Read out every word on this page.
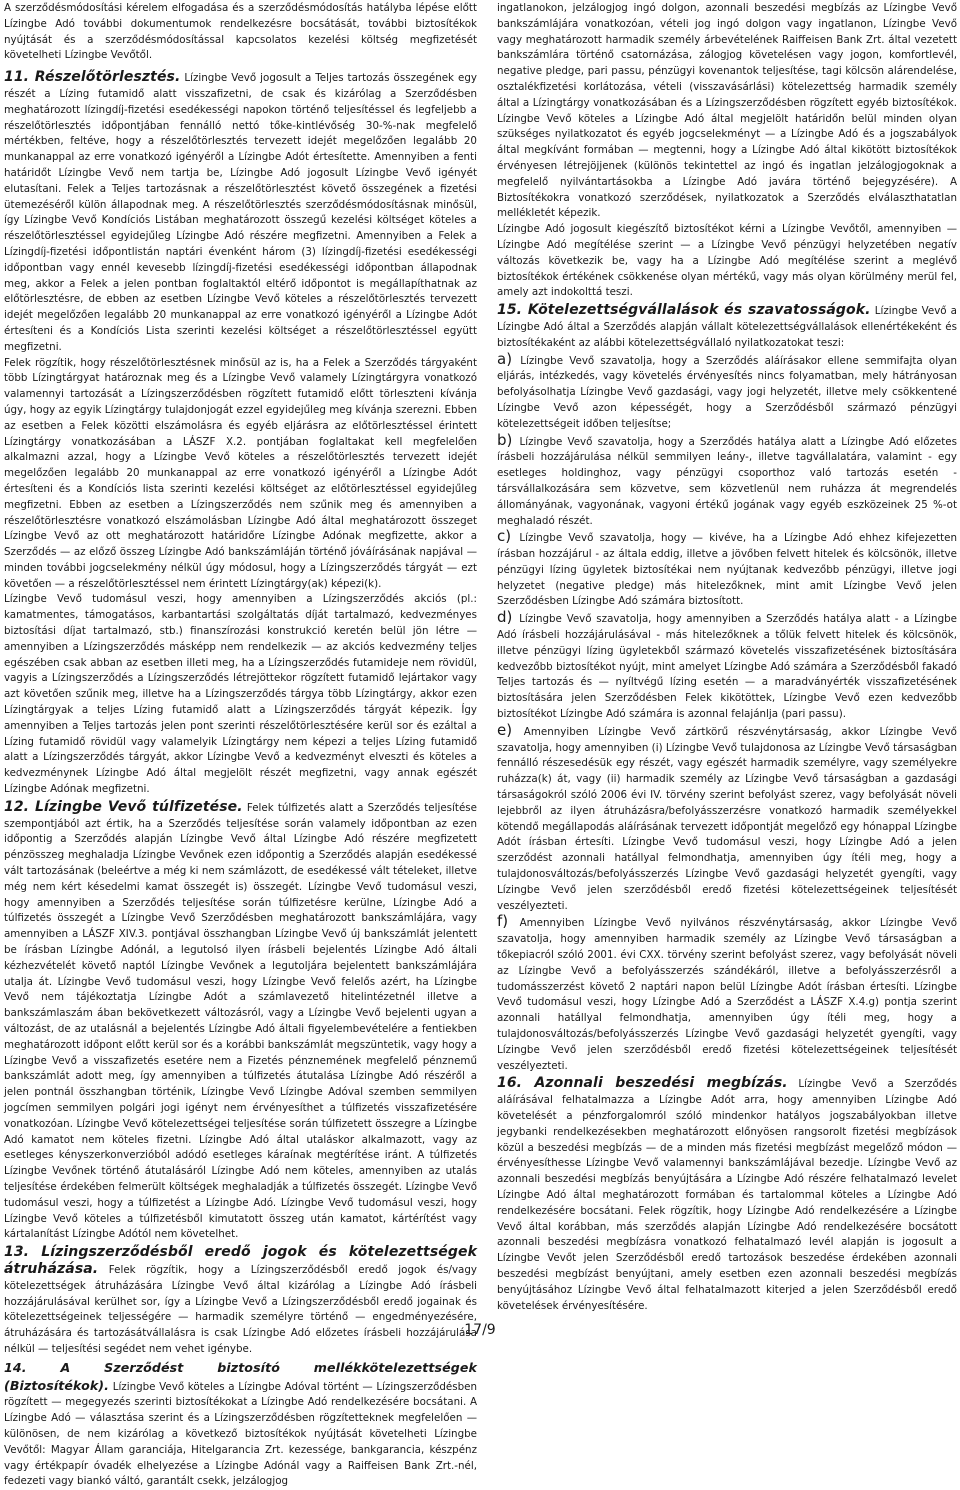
A szerződésmódosítási kérelem elfogadása és a szerződésmódosítás hatályba lépése előtt Lízingbe Adó további dokumentumok rendelkezésre bocsátását, további biztosítékok nyújtását és a szerződésmódosítással kapcsolatos kezelési költség megfizetését követelheti Lízingbe Vevőtől.

11. Részelőtörlesztés. Lízingbe Vevő jogosult a Teljes tartozás összegének egy részét a Lízing futamidő alatt visszafizetni, de csak és kizárólag a Szerződésben meghatározott lízingdíj-fizetési esedékességi napokon történő teljesítéssel és legfeljebb a részelőtörlesztés időpontjában fennálló nettó tőke-kintlévőség 30-%-nak megfelelő mértékben, feltéve, hogy a részelőtörlesztés tervezett idejét megelőzően legalább 20 munkanappal az erre vonatkozó igényéről a Lízingbe Adót értesítette. Amennyiben a fenti határidőt Lízingbe Vevő nem tartja be, Lízingbe Adó jogosult Lízingbe Vevő igényét elutasítani. Felek a Teljes tartozásnak a részelőtörlesztést követő összegének a fizetési ütemezéséről külön állapodnak meg. A részelőtörlesztés szerződésmódosításnak minősül, így Lízingbe Vevő Kondíciós Listában meghatározott összegű kezelési költséget köteles a részelőtörlesztéssel egyidejűleg Lízingbe Adó részére megfizetni. Amennyiben a Felek a Lízingdíj-fizetési időpontlistán naptári évenként három (3) lízingdíj-fizetési esedékességi időpontban vagy ennél kevesebb lízingdíj-fizetési esedékességi időpontban állapodnak meg, akkor a Felek a jelen pontban foglaltaktól eltérő időpontot is megállapíthatnak az előtörlesztésre, de ebben az esetben Lízingbe Vevő köteles a részelőtörlesztés tervezett idejét megelőzően legalább 20 munkanappal az erre vonatkozó igényéről a Lízingbe Adót értesíteni és a Kondíciós Lista szerinti kezelési költséget a részelőtörlesztéssel együtt megfizetni.

Felek rögzítik, hogy részelőtörlesztésnek minősül az is, ha a Felek a Szerződés tárgyaként több Lízingtárgyat határoznak meg és a Lízingbe Vevő valamely Lízingtárgyra vonatkozó valamennyi tartozását a Lízingszerződésben rögzített futamidő előtt törleszteni kívánja úgy, hogy az egyik Lízingtárgy tulajdonjogát ezzel egyidejűleg meg kívánja szerezni. Ebben az esetben a Felek közötti elszámolásra és egyéb eljárásra az előtörlesztéssel érintett Lízingtárgy vonatkozásában a LÁSZF X.2. pontjában foglaltakat kell megfelelően alkalmazni azzal, hogy a Lízingbe Vevő köteles a részelőtörlesztés tervezett idejét megelőzően legalább 20 munkanappal az erre vonatkozó igényéről a Lízingbe Adót értesíteni és a Kondíciós lista szerinti kezelési költséget az előtörlesztéssel egyidejűleg megfizetni. Ebben az esetben a Lízingszerződés nem szűnik meg és amennyiben a részelőtörlesztésre vonatkozó elszámolásban Lízingbe Adó által meghatározott összeget Lízingbe Vevő az ott meghatározott határidőre Lízingbe Adónak megfizette, akkor a Szerződés — az előző összeg Lízingbe Adó bankszámláján történő jóváírásának napjával — minden további jogcselekmény nélkül úgy módosul, hogy a Lízingszerződés tárgyát — ezt követően — a részelőtörlesztéssel nem érintett Lízingtárgy(ak) képezi(k).

Lízingbe Vevő tudomásul veszi, hogy amennyiben a Lízingszerződés akciós (pl.: kamatmentes, támogatásos, karbantartási szolgáltatás díját tartalmazó, kedvezményes biztosítási díjat tartalmazó, stb.) finanszírozási konstrukció keretén belül jön létre — amennyiben a Lízingszerződés másképp nem rendelkezik — az akciós kedvezmény teljes egészében csak abban az esetben illeti meg, ha a Lízingszerződés futamideje nem rövidül, vagyis a Lízingszerződés a Lízingszerződés létrejöttekor rögzített futamidő lejártakor vagy azt követően szűnik meg, illetve ha a Lízingszerződés tárgya több Lízingtárgy, akkor ezen Lízingtárgyak a teljes Lízing futamidő alatt a Lízingszerződés tárgyát képezik. Így amennyiben a Teljes tartozás jelen pont szerinti részelőtörlesztésére kerül sor és ezáltal a Lízing futamidő rövidül vagy valamelyik Lízingtárgy nem képezi a teljes Lízing futamidő alatt a Lízingszerződés tárgyát, akkor Lízingbe Vevő a kedvezményt elveszti és köteles a kedvezménynek Lízingbe Adó által megjelölt részét megfizetni, vagy annak egészét Lízingbe Adónak megfizetni.

12. Lízingbe Vevő túlfizetése. Felek túlfizetés alatt a Szerződés teljesítése szempontjából azt értik, ha a Szerződés teljesítése során valamely időpontban az ezen időpontig a Szerződés alapján Lízingbe Vevő által Lízingbe Adó részére megfizetett pénzösszeg meghaladja Lízingbe Vevőnek ezen időpontig a Szerződés alapján esedékessé vált tartozásának (beleértve a még ki nem számlázott, de esedékessé vált tételeket, illetve még nem kért késedelmi kamat összegét is) összegét. Lízingbe Vevő tudomásul veszi, hogy amennyiben a Szerződés teljesítése során túlfizetésre kerülne, Lízingbe Adó a túlfizetés összegét a Lízingbe Vevő Szerződésben meghatározott bankszámlájára, vagy amennyiben a LÁSZF XIV.3. pontjával összhangban Lízingbe Vevő új bankszámlát jelentett be írásban Lízingbe Adónál, a legutolsó ilyen írásbeli bejelentés Lízingbe Adó általi kézhezvételét követő naptól Lízingbe Vevőnek a legutoljára bejelentett bankszámlájára utalja át. Lízingbe Vevő tudomásul veszi, hogy Lízingbe Vevő felelős azért, ha Lízingbe Vevő nem tájékoztatja Lízingbe Adót a számlavezető hitelintézetnél illetve a bankszámlaszám ában bekövetkezett változásról, vagy a Lízingbe Vevő bejelenti ugyan a változást, de az utalásnál a bejelentés Lízingbe Adó általi figyelembevételére a fentiekben meghatározott időpont előtt kerül sor és a korábbi bankszámlát megszüntetik, vagy hogy a Lízingbe Vevő a visszafizetés esetére nem a Fizetés pénznemének megfelelő pénznemű bankszámlát adott meg, így amennyiben a túlfizetés átutalása Lízingbe Adó részéről a jelen pontnál összhangban történik, Lízingbe Vevő Lízingbe Adóval szemben semmilyen jogcímen semmilyen polgári jogi igényt nem érvényesíthet a túlfizetés visszafizetésére vonatkozóan. Lízingbe Vevő kötelezettségei teljesítése során túlfizetett összegre a Lízingbe Adó kamatot nem köteles fizetni. Lízingbe Adó által utaláskor alkalmazott, vagy az esetleges kényszerkonverzióból adódó esetleges káraínak megtérítése iránt. A túlfizetés Lízingbe Vevőnek történő átutalásáról Lízingbe Adó nem köteles, amennyiben az utalás teljesítése érdekében felmerült költségek meghaladják a túlfizetés összegét. Lízingbe Vevő tudomásul veszi, hogy a túlfizetést a Lízingbe Adó. Lízingbe Vevő tudomásul veszi, hogy Lízingbe Vevő köteles a túlfizetésből kimutatott összeg után kamatot, kártérítést vagy kártalanítást Lízingbe Adótól nem követelhet.

13. Lízingszerződésből eredő jogok és kötelezettségek átruházása. Felek rögzítik, hogy a Lízingszerződésből eredő jogok és/vagy kötelezettségek átruházására Lízingbe Vevő által kizárólag a Lízingbe Adó írásbeli hozzájárulásával kerülhet sor, így a Lízingbe Vevő a Lízingszerződésből eredő jogainak és kötelezettségeinek teljességére — harmadik személyre történő — engedményezésére, átruházására és tartozásátvállalásra is csak Lízingbe Adó előzetes írásbeli hozzájárulása nélkül — teljesítési segédet nem vehet igénybe.

14. A Szerződést biztosító mellékkötelezettségek (Biztosítékok). Lízingbe Vevő köteles a Lízingbe Adóval történt — Lízingszerződésben rögzített — megegyezés szerinti biztosítékokat a Lízingbe Adó rendelkezésére bocsátani. A Lízingbe Adó — választása szerint és a Lízingszerződésben rögzítetteknek megfelelően — különösen, de nem kizárólag a következő biztosítékok nyújtását követelheti Lízingbe Vevőtől: Magyar Állam garanciája, Hitelgarancia Zrt. kezessége, bankgarancia, készpénz vagy értékpapír óvadék elhelyezése a Lízingbe Adónál vagy a Raiffeisen Bank Zrt.-nél, fedezeti vagy biankó váltó, garantált csekk, jelzálogjog

ingatlanokon, jelzálogjog ingó dolgon, azonnali beszedési megbízás az Lízingbe Vevő bankszámlájára vonatkozóan, vételi jog ingó dolgon vagy ingatlanon, Lízingbe Vevő vagy meghatározott harmadik személy árbevételének Raiffeisen Bank Zrt. által vezetett bankszámlára történő csatornázása, zálogjog követelésen vagy jogon, komfortlevél, negative pledge, pari passu, pénzügyi kovenantok teljesítése, tagi kölcsön alárendelése, osztalékfizetési korlátozása, vételi (visszavásárlási) kötelezettség harmadik személy által a Lízingtárgy vonatkozásában és a Lízingszerződésben rögzített egyéb biztosítékok. Lízingbe Vevő köteles a Lízingbe Adó által megjelölt határidőn belül minden olyan szükséges nyilatkozatot és egyéb jogcselekményt — a Lízingbe Adó és a jogszabályok által megkívánt formában — megtenni, hogy a Lízingbe Adó által kikötött biztosítékok érvényesen létrejöjjenek (különös tekintettel az ingó és ingatlan jelzálogjogoknak a megfelelő nyilvántartásokba a Lízingbe Adó javára történő bejegyzésére). A Biztosítékokra vonatkozó szerződések, nyilatkozatok a Szerződés elválaszthatatlan mellékletét képezik.

Lízingbe Adó jogosult kiegészítő biztosítékot kérni a Lízingbe Vevőtől, amennyiben — Lízingbe Adó megítélése szerint — a Lízingbe Vevő pénzügyi helyzetében negatív változás következik be, vagy ha a Lízingbe Adó megítélése szerint a meglévő biztosítékok értékének csökkenése olyan mértékű, vagy más olyan körülmény merül fel, amely azt indokolttá teszi.

15. Kötelezettségvállalások és szavatosságok. Lízingbe Vevő a Lízingbe Adó által a Szerződés alapján vállalt kötelezettségvállalások ellenértékeként és biztosítékaként az alábbi kötelezettségvállaló nyilatkozatokat teszi:

a) Lízingbe Vevő szavatolja, hogy a Szerződés aláírásakor ellene semmifajta olyan eljárás, intézkedés, vagy követelés érvényesítés nincs folyamatban, mely hátrányosan befolyásolhatja Lízingbe Vevő gazdasági, vagy jogi helyzetét, illetve mely csökkentené Lízingbe Vevő azon képességét, hogy a Szerződésből származó pénzügyi kötelezettségeit időben teljesítse;

b) Lízingbe Vevő szavatolja, hogy a Szerződés hatálya alatt a Lízingbe Adó előzetes írásbeli hozzájárulása nélkül semmilyen leány-, illetve tagvállalatára, valamint - egy esetleges holdinghoz, vagy pénzügyi csoporthoz való tartozás esetén - társvállalkozására sem közvetve, sem közvetlenül nem ruházza át megrendelés állományának, vagyonának, vagyoni értékű jogának vagy egyéb eszközeinek 25 %-ot meghaladó részét.

c) Lízingbe Vevő szavatolja, hogy — kivéve, ha a Lízingbe Adó ehhez kifejezetten írásban hozzájárul - az általa eddig, illetve a jövőben felvett hitelek és kölcsönök, illetve pénzügyi lízing ügyletek biztosítékai nem nyújtanak kedvezőbb pénzügyi, illetve jogi helyzetet (negative pledge) más hitelezőknek, mint amit Lízingbe Vevő jelen Szerződésben Lízingbe Adó számára biztosított.

d) Lízingbe Vevő szavatolja, hogy amennyiben a Szerződés hatálya alatt - a Lízingbe Adó írásbeli hozzájárulásával - más hitelezőknek a tőlük felvett hitelek és kölcsönök, illetve pénzügyi lízing ügyletekből származó követelés visszafizetésének biztosítására kedvezőbb biztosítékot nyújt, mint amelyet Lízingbe Adó számára a Szerződésből fakadó Teljes tartozás és — nyíltvégű lízing esetén — a maradványérték visszafizetésének biztosítására jelen Szerződésben Felek kikötöttek, Lízingbe Vevő ezen kedvezőbb biztosítékot Lízingbe Adó számára is azonnal felajánlja (pari passu).

e) Amennyiben Lízingbe Vevő zártkörű részvénytársaság, akkor Lízingbe Vevő szavatolja, hogy amennyiben (i) Lízingbe Vevő tulajdonosa az Lízingbe Vevő társaságban fennálló részesedésük egy részét, vagy egészét harmadik személyre, vagy személyekre ruházza(k) át, vagy (ii) harmadik személy az Lízingbe Vevő társaságban a gazdasági társaságokról szóló 2006 évi IV. törvény szerint befolyást szerez, vagy befolyását növeli lejebbről az ilyen átruházásra/befolyásszerzésre vonatkozó harmadik személyekkel kötendő megállapodás aláírásának tervezett időpontját megelőző egy hónappal Lízingbe Adót írásban értesíti. Lízingbe Vevő tudomásul veszi, hogy Lízingbe Adó a jelen szerződést azonnali hatállyal felmondhatja, amennyiben úgy ítéli meg, hogy a tulajdonosváltozás/befolyásszerzés Lízingbe Vevő gazdasági helyzetét gyengíti, vagy Lízingbe Vevő jelen szerződésből eredő fizetési kötelezettségeinek teljesítését veszélyezteti.

f) Amennyiben Lízingbe Vevő nyilvános részvénytársaság, akkor Lízingbe Vevő szavatolja, hogy amennyiben harmadik személy az Lízingbe Vevő társaságban a tőkepiacról szóló 2001. évi CXX. törvény szerint befolyást szerez, vagy befolyását növeli az Lízingbe Vevő a befolyásszerzés szándékáról, illetve a befolyásszerzésről a tudomásszerzést követő 2 naptári napon belül Lízingbe Adót írásban értesíti. Lízingbe Vevő tudomásul veszi, hogy Lízingbe Adó a Szerződést a LÁSZF X.4.g) pontja szerint azonnali hatállyal felmondhatja, amennyiben úgy ítéli meg, hogy a tulajdonosváltozás/befolyásszerzés Lízingbe Vevő gazdasági helyzetét gyengíti, vagy Lízingbe Vevő jelen szerződésből eredő fizetési kötelezettségeinek teljesítését veszélyezteti.

16. Azonnali beszedési megbízás. Lízingbe Vevő a Szerződés aláírásával felhatalmazza a Lízingbe Adót arra, hogy amennyiben Lízingbe Adó követelését a pénzforgalomról szóló mindenkor hatályos jogszabályokban illetve jegybanki rendelkezésekben meghatározott előnyösen rangsorolt fizetési megbízások közül a beszedési megbízás — de a minden más fizetési megbízást megelőző módon — érvényesíthesse Lízingbe Vevő valamennyi bankszámlájával bezedje. Lízingbe Vevő az azonnali beszedési megbízás benyújtására a Lízingbe Adó részére felhatalmazó levelet Lízingbe Adó által meghatározott formában és tartalommal köteles a Lízingbe Adó rendelkezésére bocsátani. Felek rögzítik, hogy Lízingbe Adó rendelkezésére a Lízingbe Vevő által korábban, más szerződés alapján Lízingbe Adó rendelkezésére bocsátott azonnali beszedési megbízásra vonatkozó felhatalmazó levél alapján is jogosult a Lízingbe Vevőt jelen Szerződésből eredő tartozások beszedése érdekében azonnali beszedési megbízást benyújtani, amely esetben ezen azonnali beszedési megbízás benyújtásához Lízingbe Vevő által felhatalmazott kiterjed a jelen Szerződésből eredő követelések érvényesítésére.

17/9
